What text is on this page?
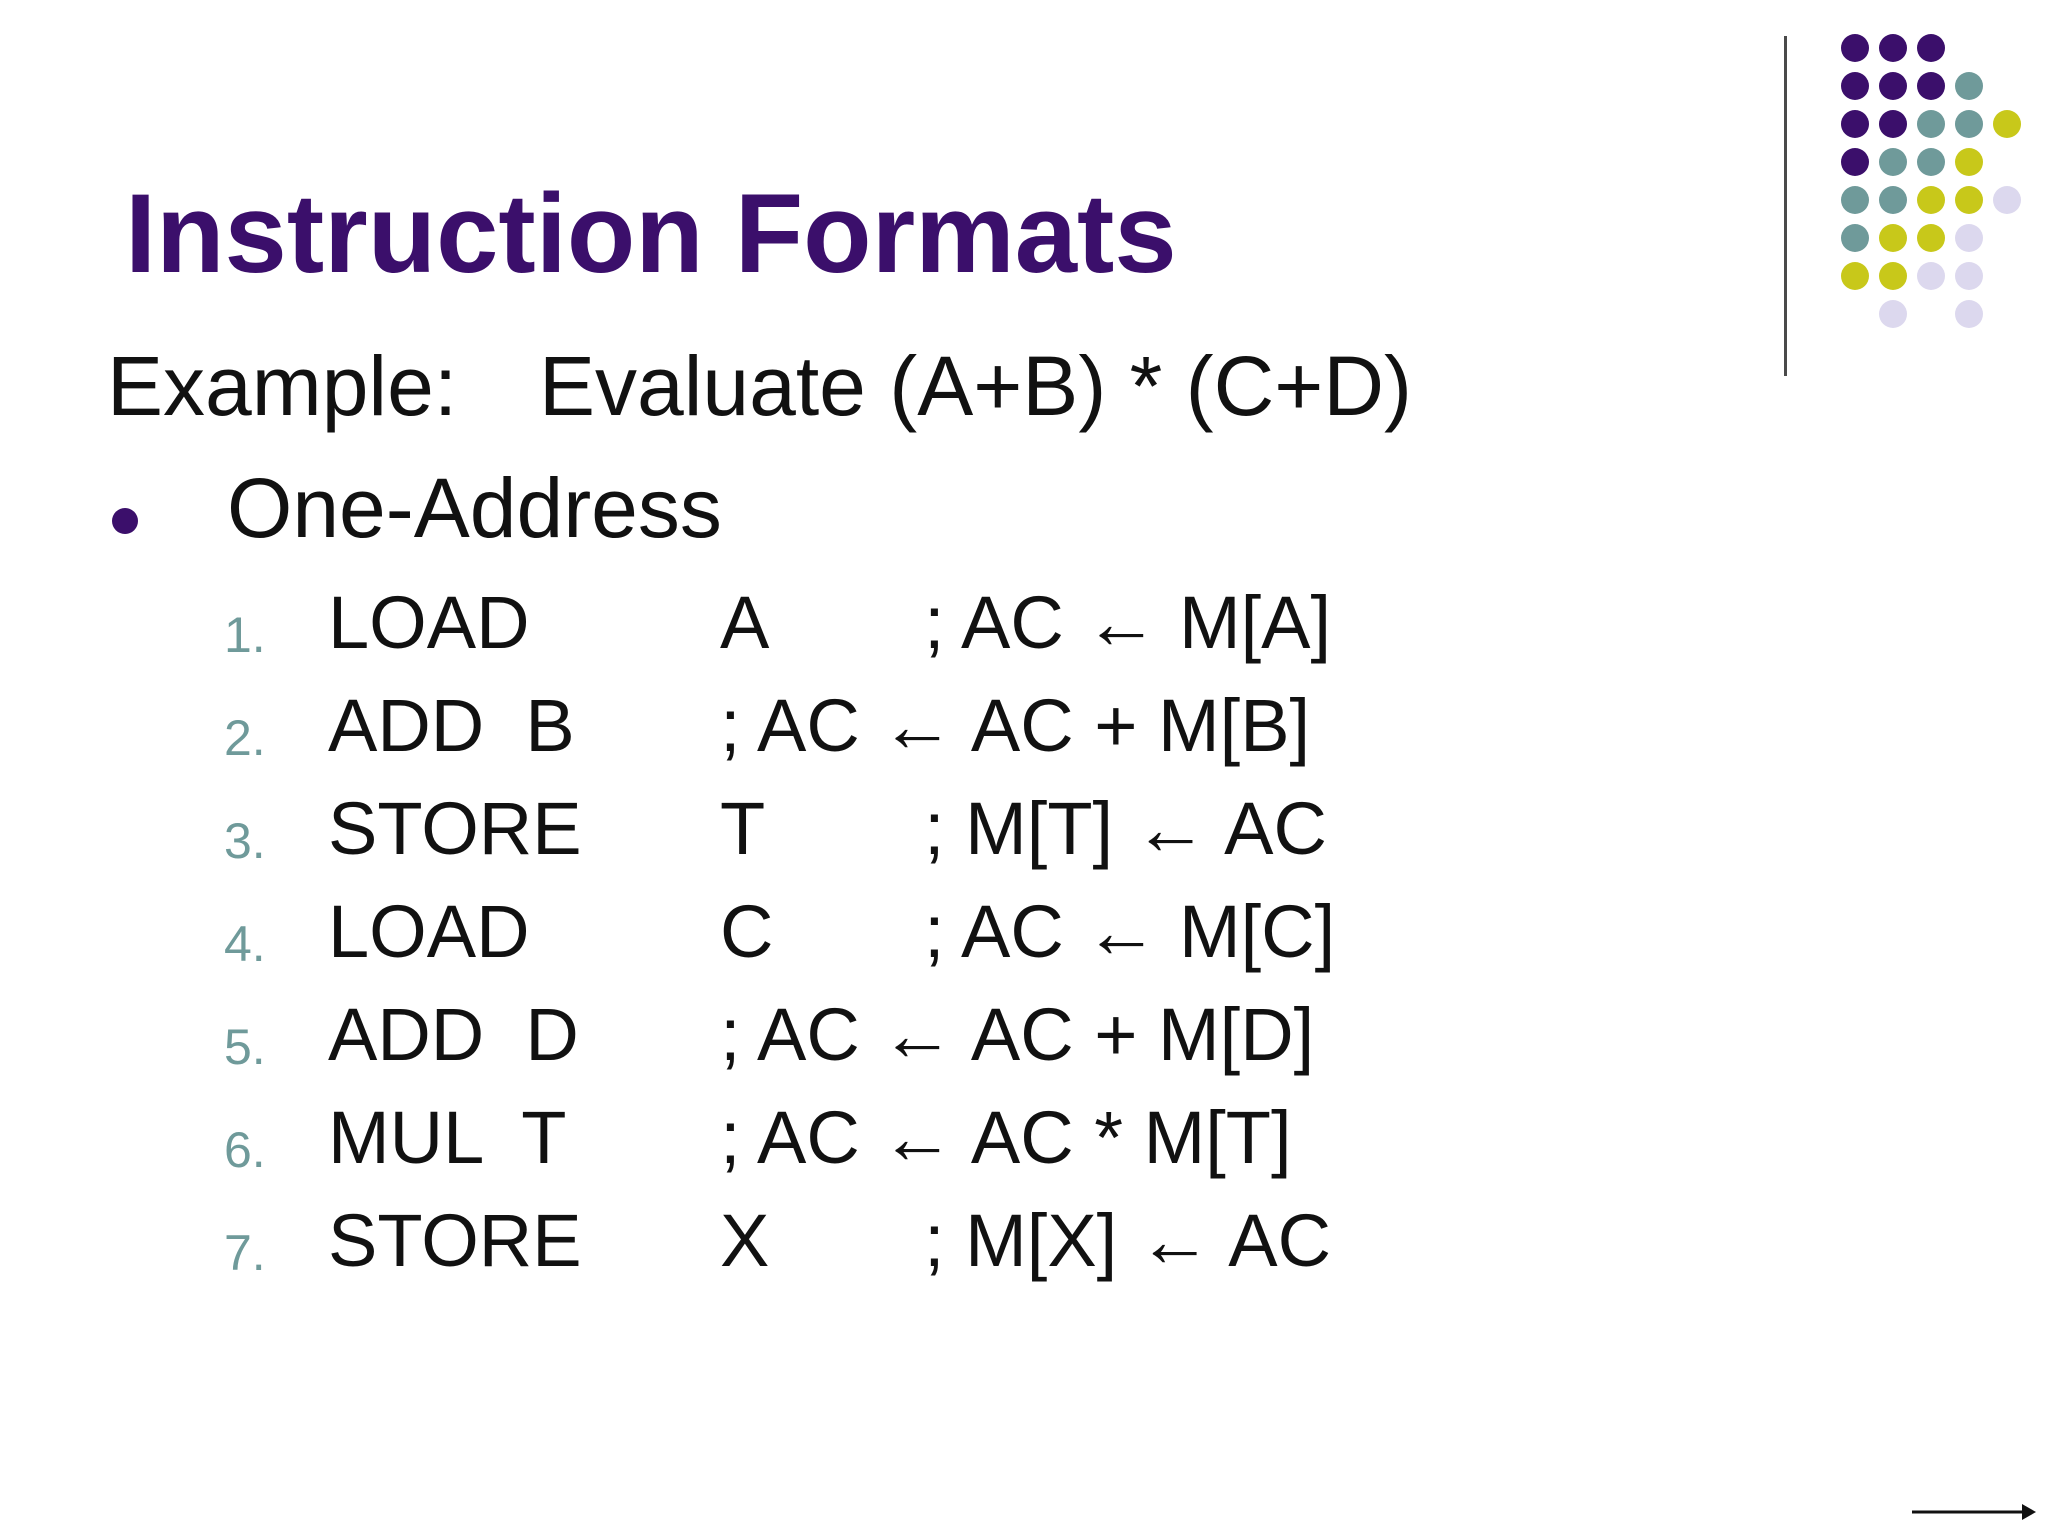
Instruction Formats
Example: Evaluate (A+B) * (C+D)
One-Address
1. LOAD	A ; AC ← M[A]
2. ADD  B ; AC ← AC + M[B]
3. STORE T ; M[T] ← AC
4. LOAD	C ; AC ← M[C]
5. ADD  D ; AC ← AC + M[D]
6. MUL  T ; AC ← AC * M[T]
7. STORE X ; M[X] ← AC
